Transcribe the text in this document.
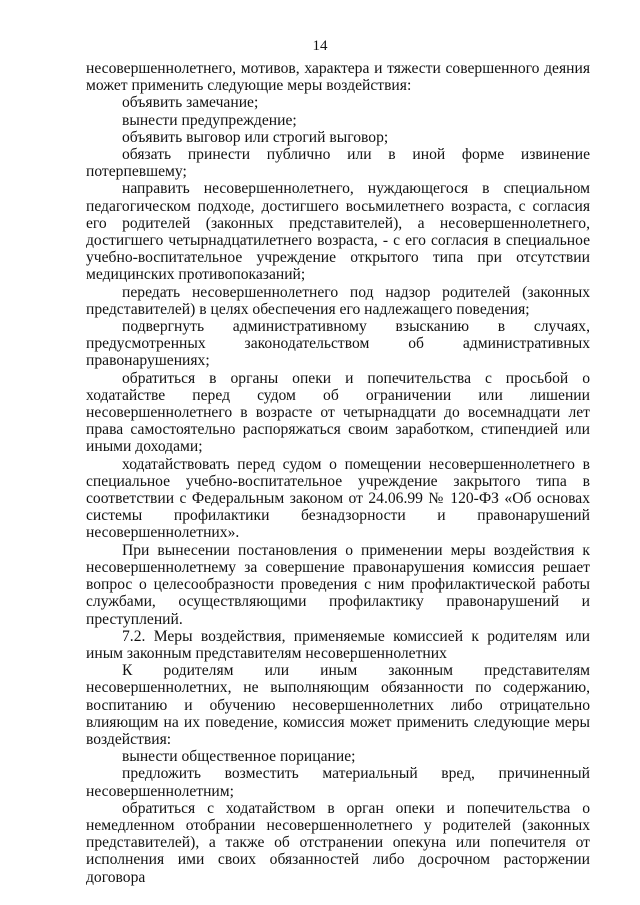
14

несовершеннолетнего, мотивов, характера и тяжести совершенного деяния может применить следующие меры воздействия:

объявить замечание;

вынести предупреждение;

объявить выговор или строгий выговор;

обязать принести публично или в иной форме извинение потерпевшему;

направить несовершеннолетнего, нуждающегося в специальном педагогическом подходе, достигшего восьмилетнего возраста, с согласия его родителей (законных представителей), а несовершеннолетнего, достигшего четырнадцатилетнего возраста, - с его согласия в специальное учебно-воспитательное учреждение открытого типа при отсутствии медицинских противопоказаний;

передать несовершеннолетнего под надзор родителей (законных представителей) в целях обеспечения его надлежащего поведения;

подвергнуть административному взысканию в случаях, предусмотренных законодательством об административных правонарушениях;

обратиться в органы опеки и попечительства с просьбой о ходатайстве перед судом об ограничении или лишении несовершеннолетнего в возрасте от четырнадцати до восемнадцати лет права самостоятельно распоряжаться своим заработком, стипендией или иными доходами;

ходатайствовать перед судом о помещении несовершеннолетнего в специальное учебно-воспитательное учреждение закрытого типа в соответствии с Федеральным законом от 24.06.99 № 120-ФЗ «Об основах системы профилактики безнадзорности и правонарушений несовершеннолетних».

При вынесении постановления о применении меры воздействия к несовершеннолетнему за совершение правонарушения комиссия решает вопрос о целесообразности проведения с ним профилактической работы службами, осуществляющими профилактику правонарушений и преступлений.

7.2. Меры воздействия, применяемые комиссией к родителям или иным законным представителям несовершеннолетних

К родителям или иным законным представителям несовершеннолетних, не выполняющим обязанности по содержанию, воспитанию и обучению несовершеннолетних либо отрицательно влияющим на их поведение, комиссия может применить следующие меры воздействия:

вынести общественное порицание;

предложить возместить материальный вред, причиненный несовершеннолетним;

обратиться с ходатайством в орган опеки и попечительства о немедленном отобрании несовершеннолетнего у родителей (законных представителей), а также об отстранении опекуна или попечителя от исполнения ими своих обязанностей либо досрочном расторжении договора
